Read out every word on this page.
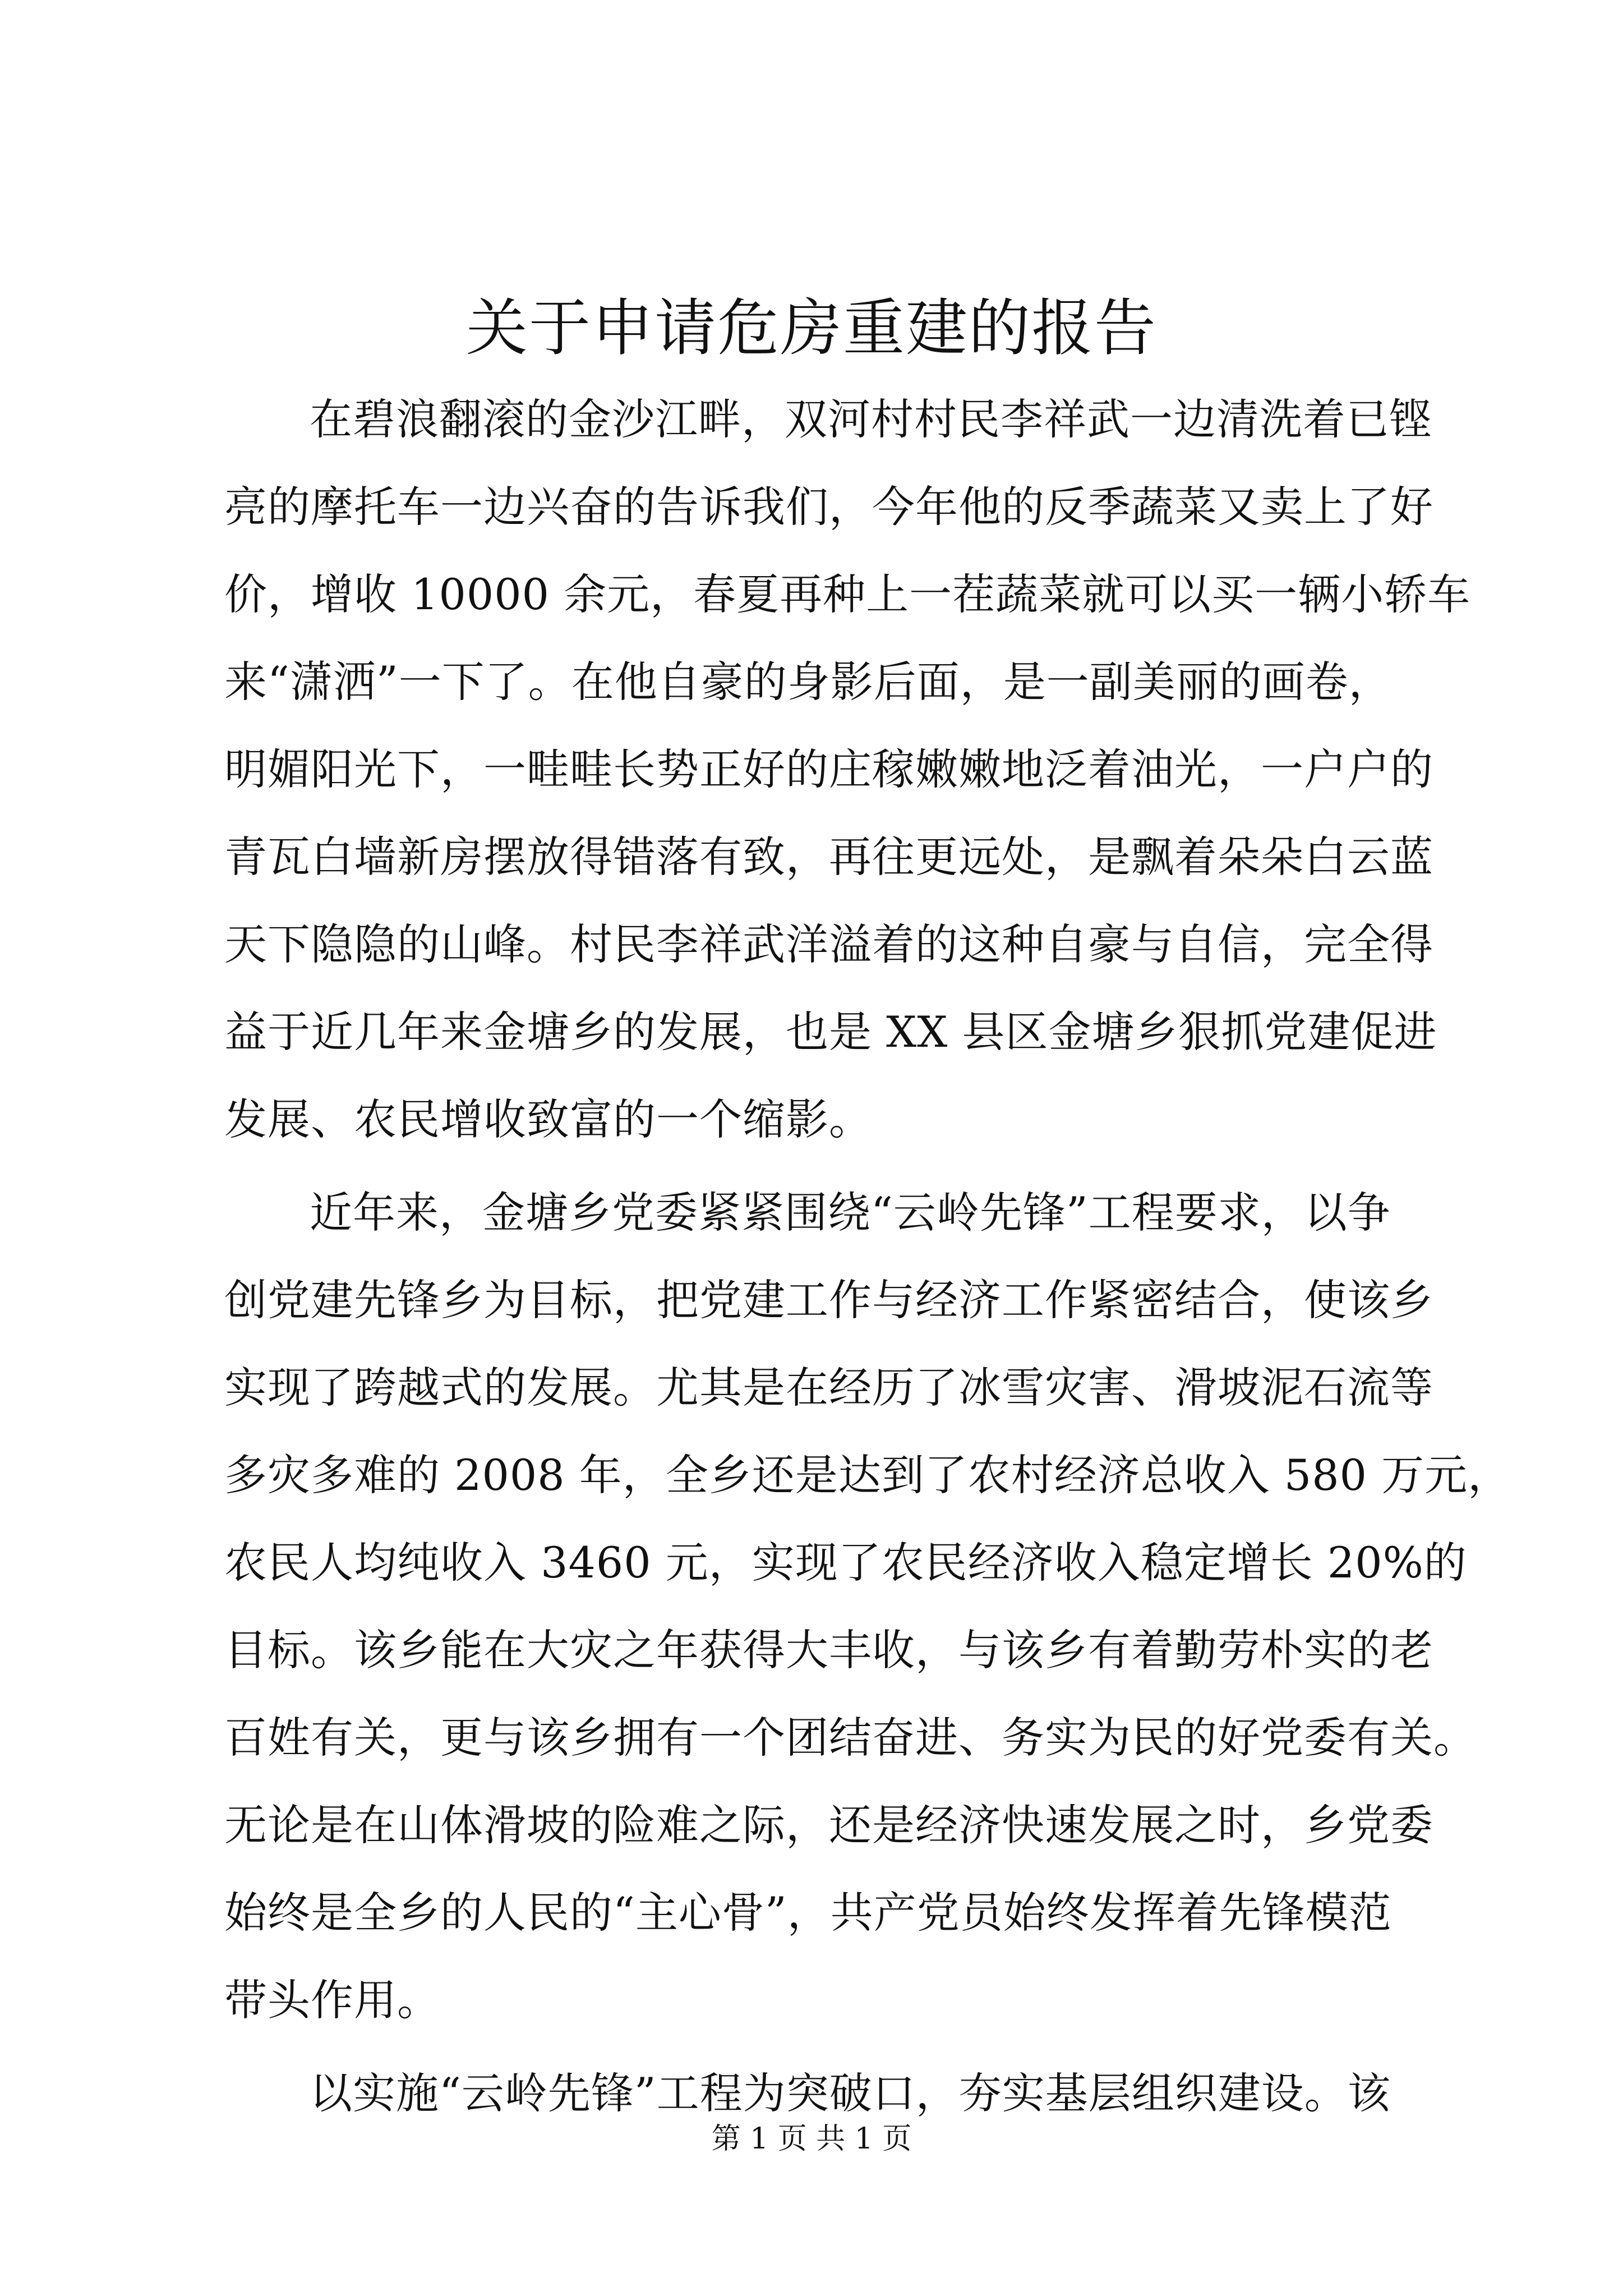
关于申请危房重建的报告

在碧浪翻滚的金沙江畔，双河村村民李祥武一边清洗着已铿
亮的摩托车一边兴奋的告诉我们，今年他的反季蔬菜又卖上了好
价，增收 10000 余元，春夏再种上一茬蔬菜就可以买一辆小轿车
来“潇洒”一下了。在他自豪的身影后面，是一副美丽的画卷，
明媚阳光下，一畦畦长势正好的庄稼嫩嫩地泛着油光，一户户的
青瓦白墙新房摆放得错落有致，再往更远处，是飘着朵朵白云蓝
天下隐隐的山峰。村民李祥武洋溢着的这种自豪与自信，完全得
益于近几年来金塘乡的发展，也是 XX 县区金塘乡狠抓党建促进
发展、农民增收致富的一个缩影。

近年来，金塘乡党委紧紧围绕“云岭先锋”工程要求，以争
创党建先锋乡为目标，把党建工作与经济工作紧密结合，使该乡
实现了跨越式的发展。尤其是在经历了冰雪灾害、滑坡泥石流等
多灾多难的 2008 年，全乡还是达到了农村经济总收入 580 万元，
农民人均纯收入 3460 元，实现了农民经济收入稳定增长 20%的
目标。该乡能在大灾之年获得大丰收，与该乡有着勤劳朴实的老
百姓有关，更与该乡拥有一个团结奋进、务实为民的好党委有关。
无论是在山体滑坡的险难之际，还是经济快速发展之时，乡党委
始终是全乡的人民的“主心骨”，共产党员始终发挥着先锋模范
带头作用。

以实施“云岭先锋”工程为突破口，夯实基层组织建设。该

第 1 页 共 1 页
